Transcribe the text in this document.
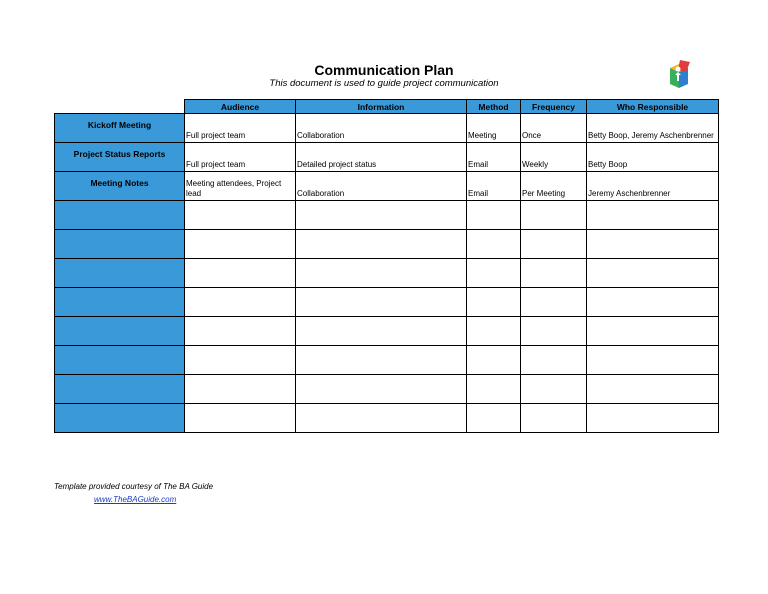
Communication Plan
This document is used to guide project communication
	Audience	Information	Method	Frequency	Who Responsible
Kickoff Meeting	Full project team	Collaboration	Meeting	Once	Betty Boop, Jeremy Aschenbrenner
Project Status Reports	Full project team	Detailed project status	Email	Weekly	Betty Boop
Meeting Notes	Meeting attendees, Project lead	Collaboration	Email	Per Meeting	Jeremy Aschenbrenner

Template provided courtesy of The BA Guide
www.TheBAGuide.com
